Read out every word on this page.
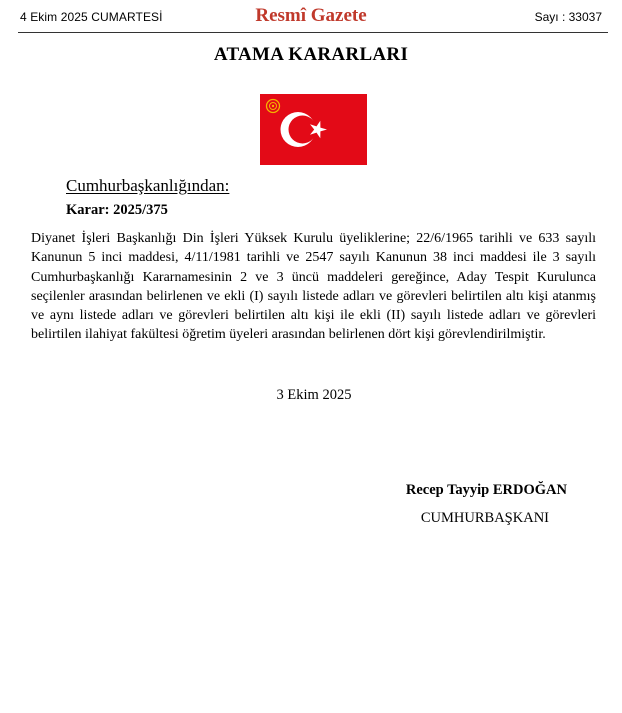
4 Ekim 2025 CUMARTESİ	Resmî Gazete	Sayı : 33037
ATAMA KARARLARI
Cumhurbaşkanlığından:
Karar: 2025/375

Diyanet İşleri Başkanlığı Din İşleri Yüksek Kurulu üyeliklerine; 22/6/1965 tarihli ve 633 sayılı Kanunun 5 inci maddesi, 4/11/1981 tarihli ve 2547 sayılı Kanunun 38 inci maddesi ile 3 sayılı Cumhurbaşkanlığı Kararnamesinin 2 ve 3 üncü maddeleri gereğince, Aday Tespit Kurulunca seçilenler arasından belirlenen ve ekli (I) sayılı listede adları ve görevleri belirtilen altı kişi atanmış ve aynı listede adları ve görevleri belirtilen altı kişi ile ekli (II) sayılı listede adları ve görevleri belirtilen ilahiyat fakültesi öğretim üyeleri arasından belirlenen dört kişi görevlendirilmiştir.

3 Ekim 2025
Recep Tayyip ERDOĞAN
CUMHURBAŞKANI
